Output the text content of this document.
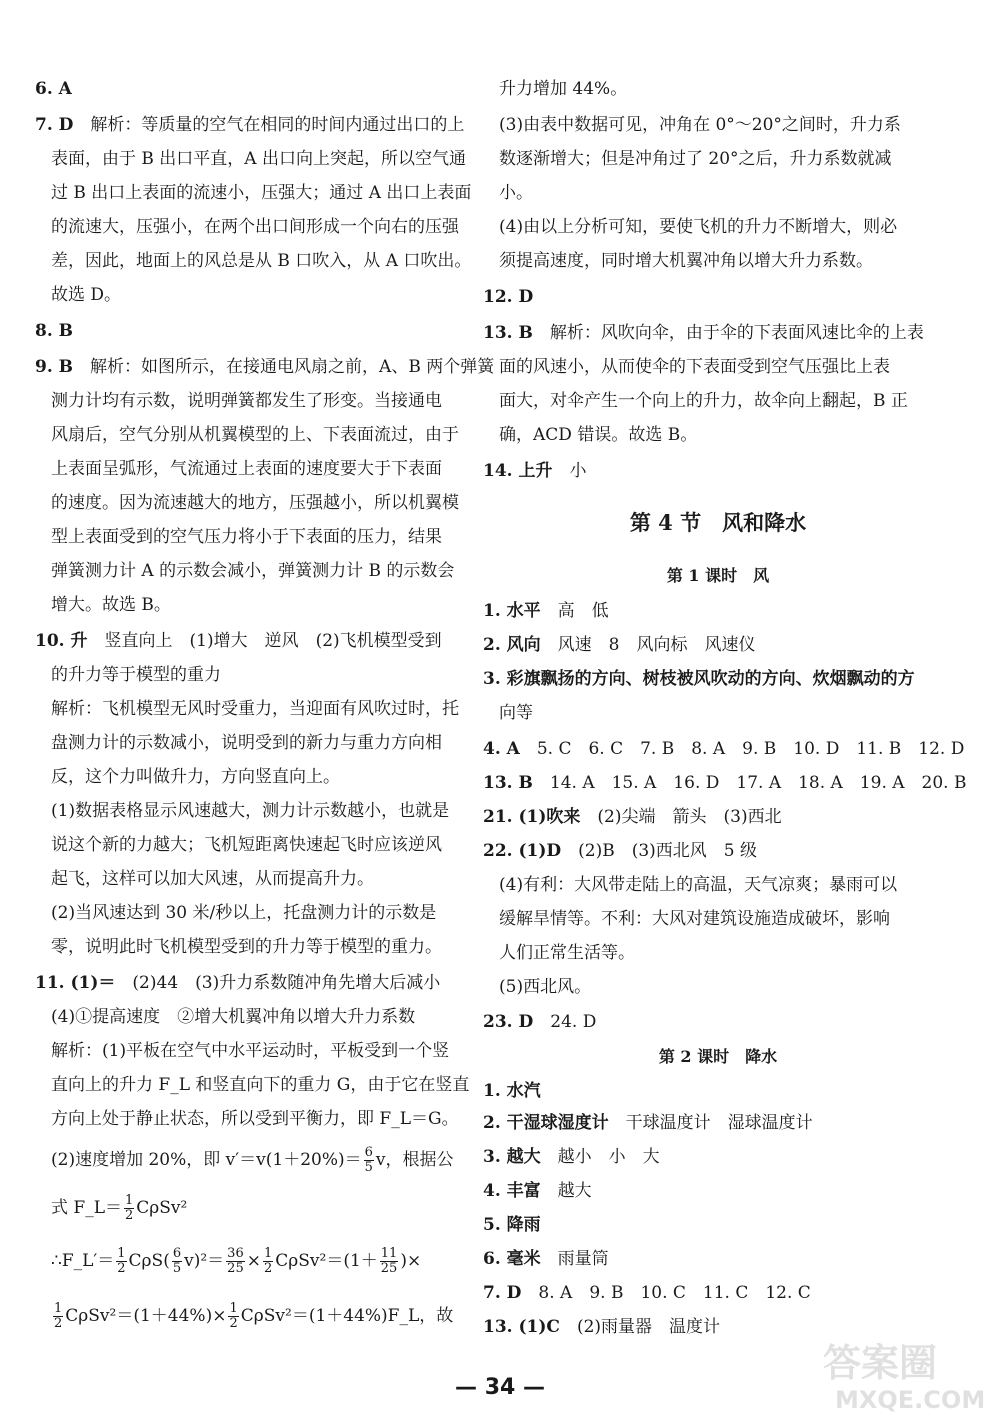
6. A
7. D　解析：等质量的空气在相同的时间内通过出口的上
表面，由于 B 出口平直，A 出口向上突起，所以空气通
过 B 出口上表面的流速小，压强大；通过 A 出口上表面
的流速大，压强小，在两个出口间形成一个向右的压强
差，因此，地面上的风总是从 B 口吹入，从 A 口吹出。
故选 D。
8. B
9. B　解析：如图所示，在接通电风扇之前，A、B 两个弹簧
测力计均有示数，说明弹簧都发生了形变。当接通电
风扇后，空气分别从机翼模型的上、下表面流过，由于
上表面呈弧形，气流通过上表面的速度要大于下表面
的速度。因为流速越大的地方，压强越小，所以机翼模
型上表面受到的空气压力将小于下表面的压力，结果
弹簧测力计 A 的示数会减小，弹簧测力计 B 的示数会
增大。故选 B。
10. 升　竖直向上　(1)增大　逆风　(2)飞机模型受到
的升力等于模型的重力
解析：飞机模型无风时受重力，当迎面有风吹过时，托
盘测力计的示数减小，说明受到的新力与重力方向相
反，这个力叫做升力，方向竖直向上。
(1)数据表格显示风速越大，测力计示数越小，也就是
说这个新的力越大；飞机短距离快速起飞时应该逆风
起飞，这样可以加大风速，从而提高升力。
(2)当风速达到 30 米/秒以上，托盘测力计的示数是
零，说明此时飞机模型受到的升力等于模型的重力。
11. (1)＝　(2)44　(3)升力系数随冲角先增大后减小
(4)①提高速度　②增大机翼冲角以增大升力系数
解析：(1)平板在空气中水平运动时，平板受到一个竖
直向上的升力 F_L 和竖直向下的重力 G，由于它在竖直
方向上处于静止状态，所以受到平衡力，即 F_L＝G。
(2)速度增加 20%，即 $v'=v(1+20\%)= \frac{6}{5}$ v，根据公
式 F_L＝ $\frac{1}{2} C\rho Sv^2$
∴F_L′＝ $\frac{1}{2} C\rho S( \frac{6}{5} v)^2= \frac{36}{25} \times \frac{1}{2} C\rho Sv^2=(1+ \frac{11}{25}$ )×
$\frac{1}{2} C\rho Sv^2=(1+44\%)\times \frac{1}{2}$ CρSv²＝(1＋44%)F_L，故
升力增加 44%。
(3)由表中数据可见，冲角在 0°～20°之间时，升力系
数逐渐增大；但是冲角过了 20°之后，升力系数就减
小。
(4)由以上分析可知，要使飞机的升力不断增大，则必
须提高速度，同时增大机翼冲角以增大升力系数。
12. D
13. B　解析：风吹向伞，由于伞的下表面风速比伞的上表
面的风速小，从而使伞的下表面受到空气压强比上表
面大，对伞产生一个向上的升力，故伞向上翻起，B 正
确，ACD 错误。故选 B。
14. 上升　小
第 4 节　风和降水
第 1 课时　风
1. 水平　高　低
2. 风向　风速　8　风向标　风速仪
3. 彩旗飘扬的方向、树枝被风吹动的方向、炊烟飘动的方
向等
4. A　5. C　6. C　7. B　8. A　9. B　10. D　11. B　12. D
13. B　14. A　15. A　16. D　17. A　18. A　19. A　20. B
21. (1)吹来　(2)尖端　箭头　(3)西北
22. (1)D　(2)B　(3)西北风　5 级
(4)有利：大风带走陆上的高温，天气凉爽；暴雨可以
缓解旱情等。不利：大风对建筑设施造成破坏，影响
人们正常生活等。
(5)西北风。
23. D　24. D
第 2 课时　降水
1. 水汽
2. 干湿球湿度计　干球温度计　湿球温度计
3. 越大　越小　小　大
4. 丰富　越大
5. 降雨
6. 毫米　雨量筒
7. D　8. A　9. B　10. C　11. C　12. C
13. (1)C　(2)雨量器　温度计
— 34 —
答案圈
MXQE.COM
